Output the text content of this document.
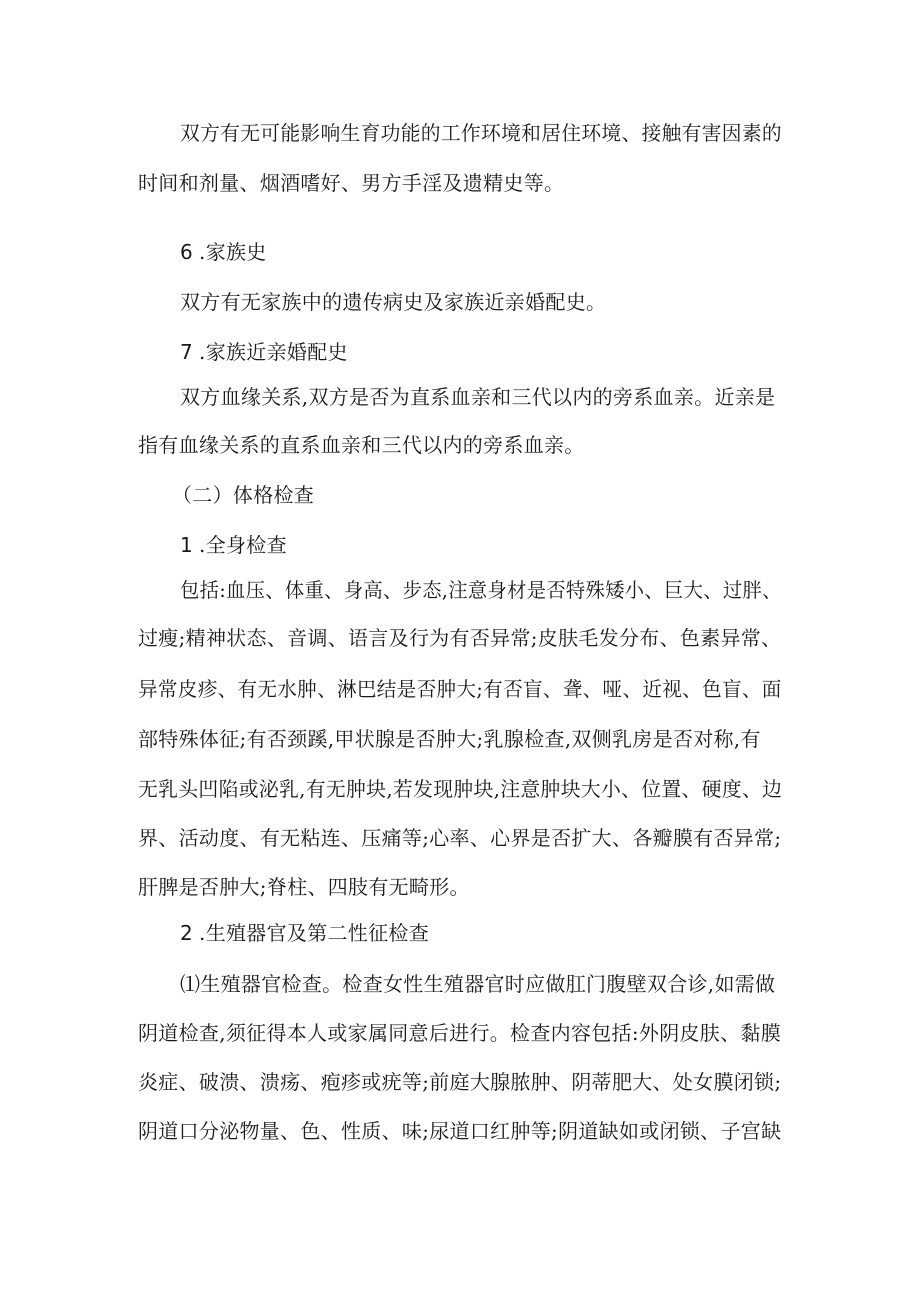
双方有无可能影响生育功能的工作环境和居住环境、接触有害因素的
时间和剂量、烟酒嗜好、男方手淫及遗精史等。
6 .家族史
双方有无家族中的遗传病史及家族近亲婚配史。
7 .家族近亲婚配史
双方血缘关系,双方是否为直系血亲和三代以内的旁系血亲。近亲是
指有血缘关系的直系血亲和三代以内的旁系血亲。
（二）体格检查
1 .全身检查
包括:血压、体重、身高、步态,注意身材是否特殊矮小、巨大、过胖、
过瘦;精神状态、音调、语言及行为有否异常;皮肤毛发分布、色素异常、
异常皮疹、有无水肿、淋巴结是否肿大;有否盲、聋、哑、近视、色盲、面
部特殊体征;有否颈蹊,甲状腺是否肿大;乳腺检查,双侧乳房是否对称,有
无乳头凹陷或泌乳,有无肿块,若发现肿块,注意肿块大小、位置、硬度、边
界、活动度、有无粘连、压痛等;心率、心界是否扩大、各瓣膜有否异常;
肝脾是否肿大;脊柱、四肢有无畸形。
2 .生殖器官及第二性征检查
⑴生殖器官检查。检查女性生殖器官时应做肛门腹壁双合诊,如需做
阴道检查,须征得本人或家属同意后进行。检查内容包括:外阴皮肤、黏膜
炎症、破溃、溃疡、疱疹或疣等;前庭大腺脓肿、阴蒂肥大、处女膜闭锁;
阴道口分泌物量、色、性质、味;尿道口红肿等;阴道缺如或闭锁、子宫缺
